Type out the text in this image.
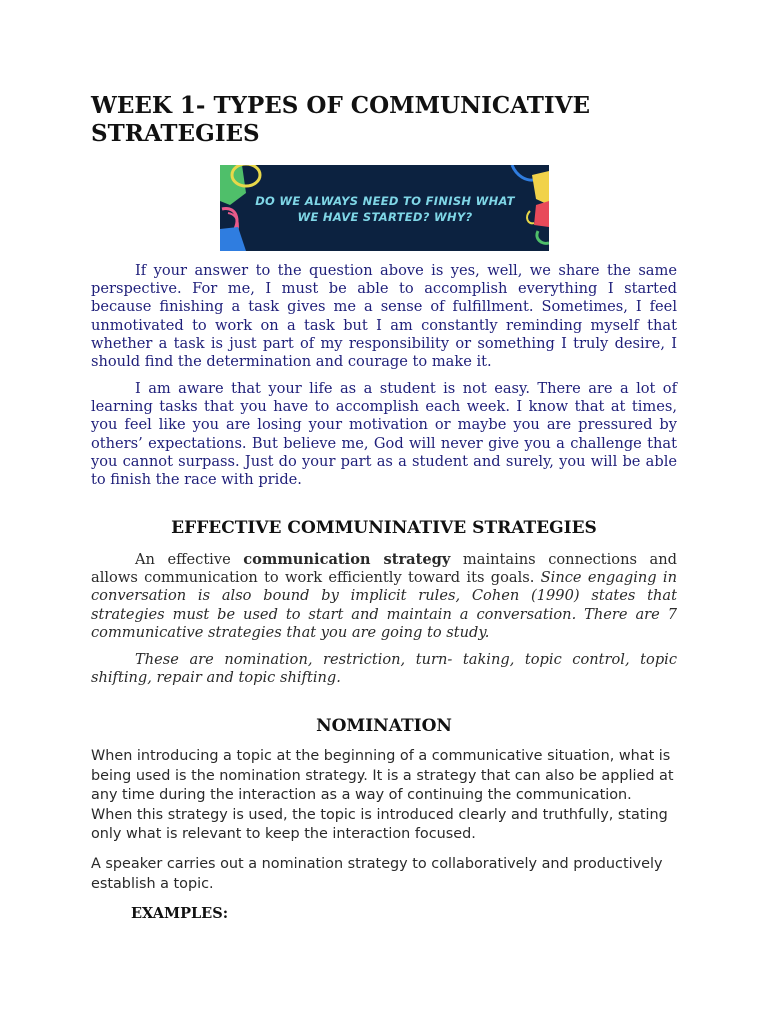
WEEK 1- TYPES OF COMMUNICATIVE STRATEGIES
DO WE ALWAYS NEED TO FINISH WHAT WE HAVE STARTED? WHY?

If your answer to the question above is yes, well, we share the same perspective. For me, I must be able to accomplish everything I started because finishing a task gives me a sense of fulfillment. Sometimes, I feel unmotivated to work on a task but I am constantly reminding myself that whether a task is just part of my responsibility or something I truly desire, I should find the determination and courage to make it.

I am aware that your life as a student is not easy. There are a lot of learning tasks that you have to accomplish each week. I know that at times, you feel like you are losing your motivation or maybe you are pressured by others’ expectations. But believe me, God will never give you a challenge that you cannot surpass. Just do your part as a student and surely, you will be able to finish the race with pride.

EFFECTIVE COMMUNINATIVE STRATEGIES

An effective communication strategy maintains connections and allows communication to work efficiently toward its goals. Since engaging in conversation is also bound by implicit rules, Cohen (1990) states that strategies must be used to start and maintain a conversation. There are 7 communicative strategies that you are going to study.

These are nomination, restriction, turn- taking, topic control, topic shifting, repair and topic shifting.

NOMINATION

When introducing a topic at the beginning of a communicative situation, what is being used is the nomination strategy. It is a strategy that can also be applied at any time during the interaction as a way of continuing the communication. When this strategy is used, the topic is introduced clearly and truthfully, stating only what is relevant to keep the interaction focused.

A speaker carries out a nomination strategy to collaboratively and productively establish a topic.

EXAMPLES:
